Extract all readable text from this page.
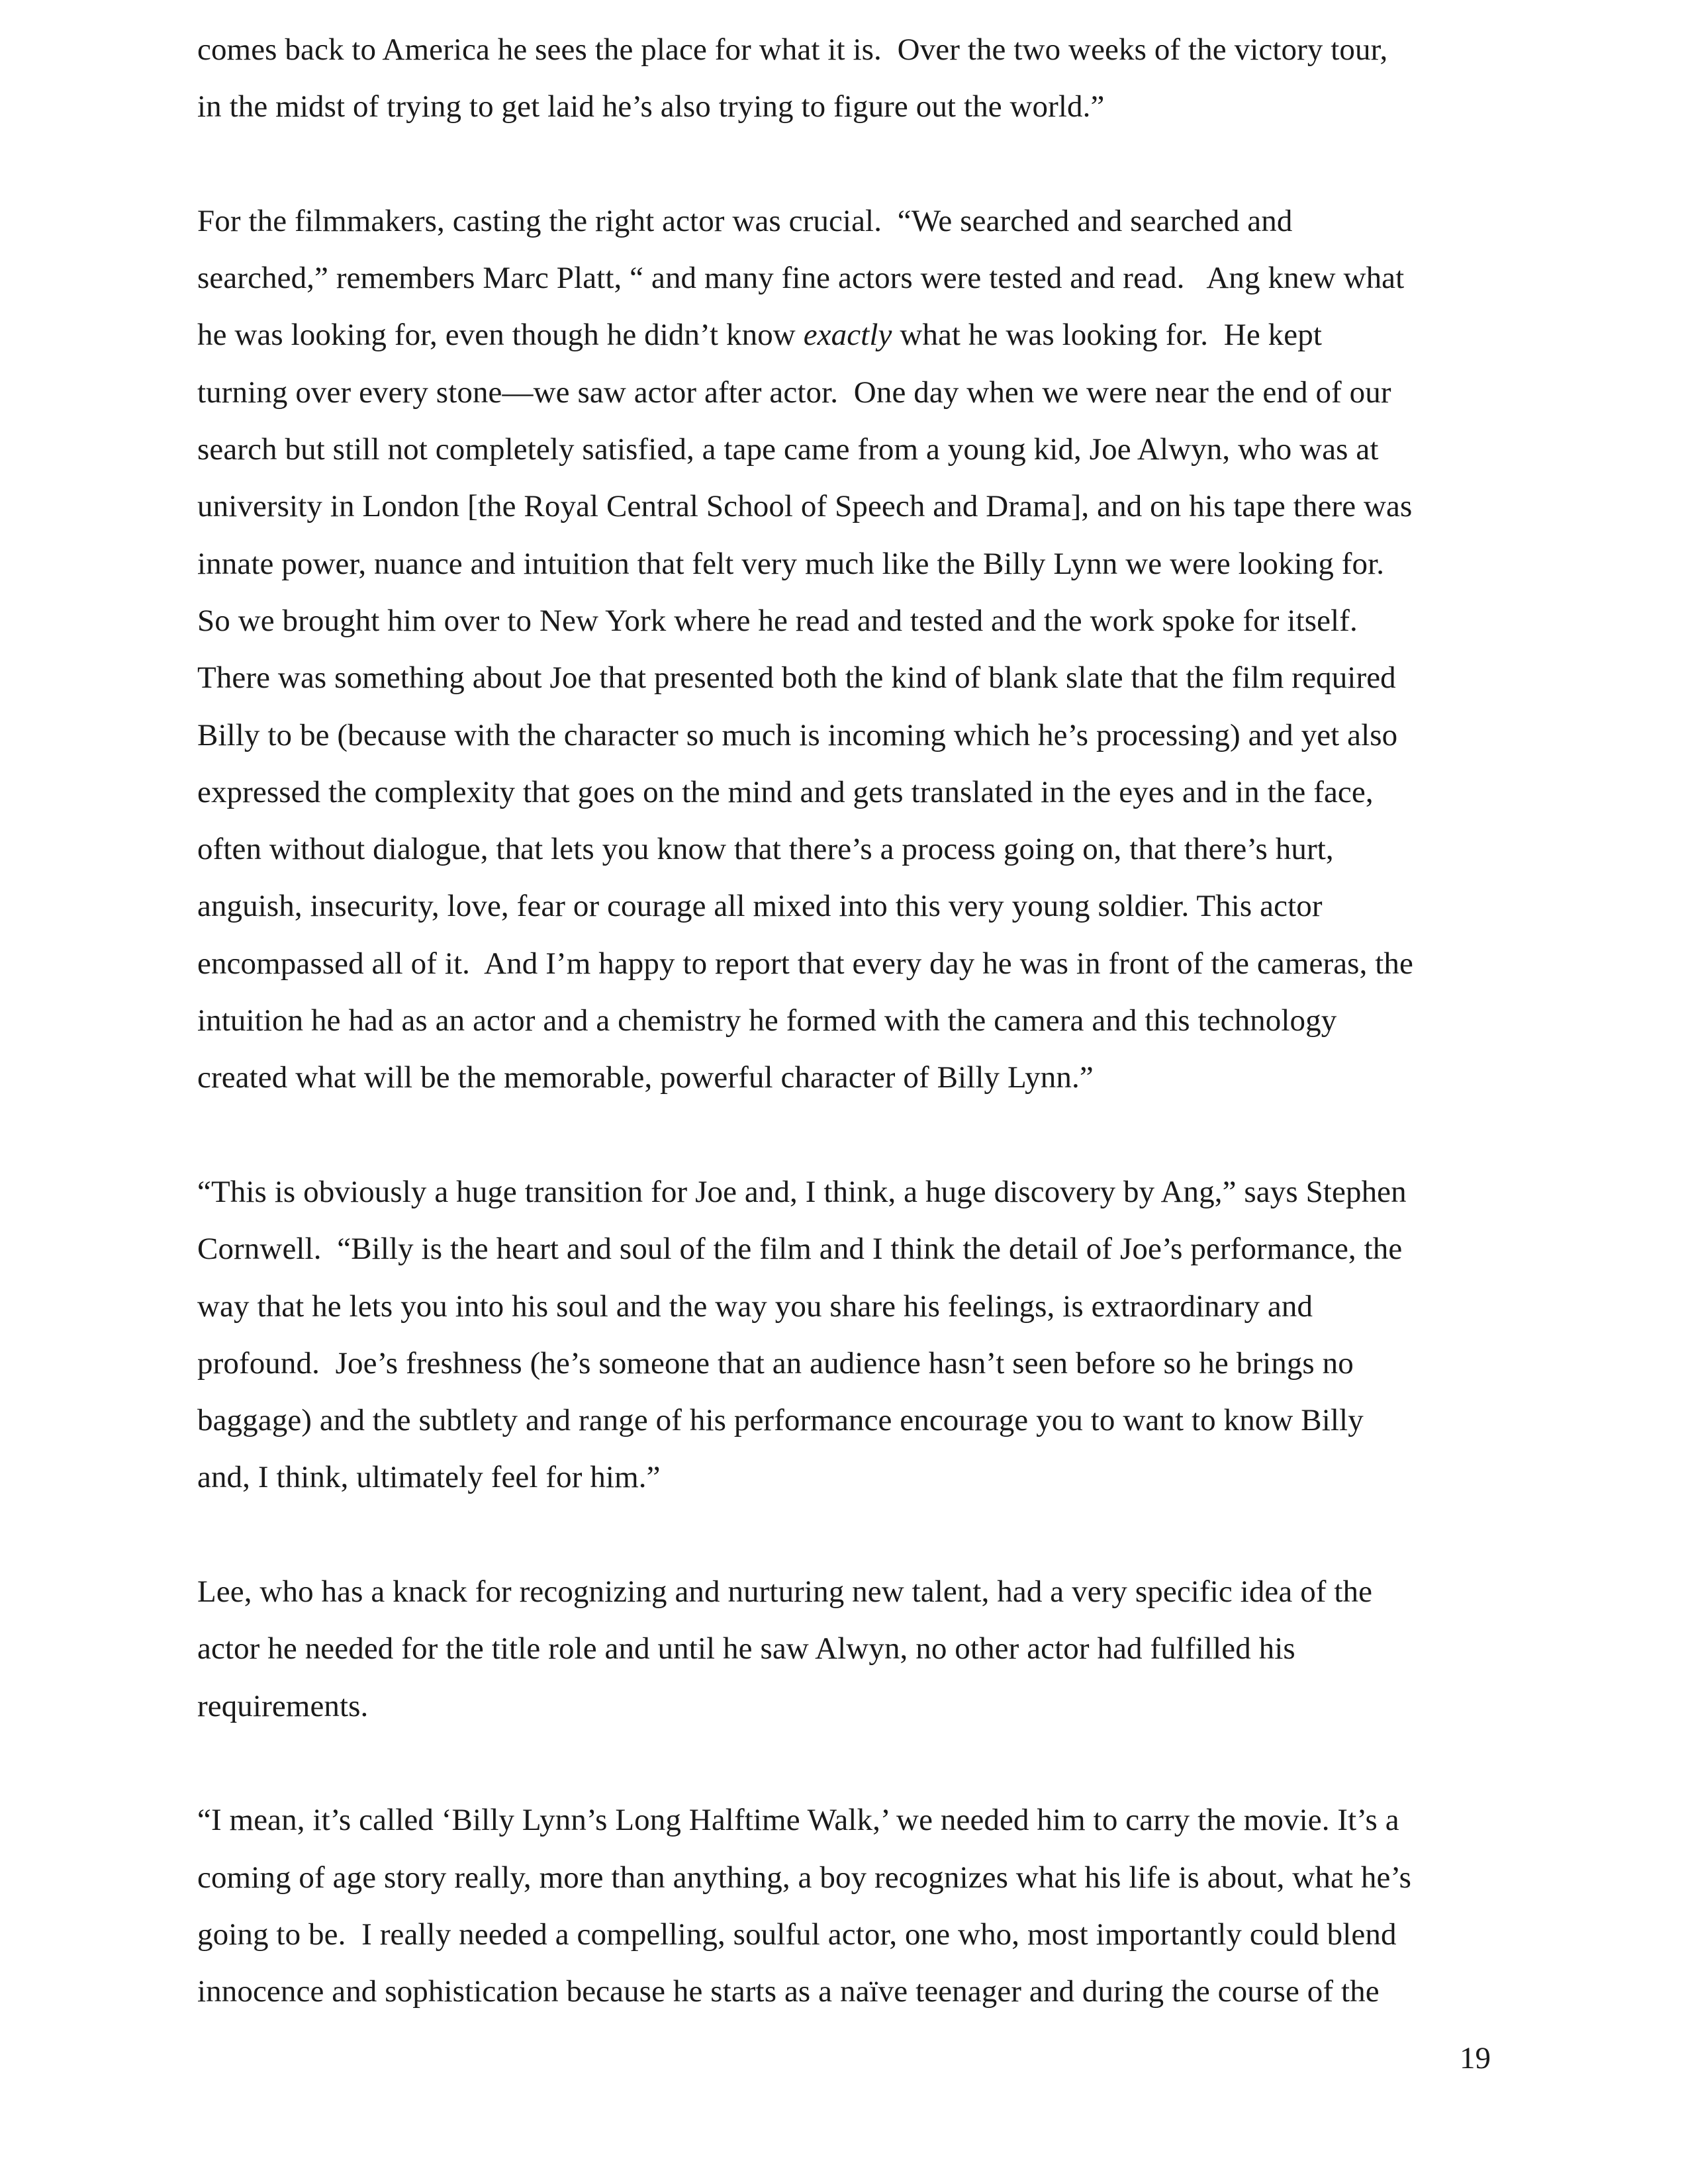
comes back to America he sees the place for what it is.  Over the two weeks of the victory tour,
in the midst of trying to get laid he’s also trying to figure out the world.”
For the filmmakers, casting the right actor was crucial.  “We searched and searched and
searched,” remembers Marc Platt, “ and many fine actors were tested and read.   Ang knew what
he was looking for, even though he didn’t know exactly what he was looking for.  He kept
turning over every stone—we saw actor after actor.  One day when we were near the end of our
search but still not completely satisfied, a tape came from a young kid, Joe Alwyn, who was at
university in London [the Royal Central School of Speech and Drama], and on his tape there was
innate power, nuance and intuition that felt very much like the Billy Lynn we were looking for.
So we brought him over to New York where he read and tested and the work spoke for itself.
There was something about Joe that presented both the kind of blank slate that the film required
Billy to be (because with the character so much is incoming which he’s processing) and yet also
expressed the complexity that goes on the mind and gets translated in the eyes and in the face,
often without dialogue, that lets you know that there’s a process going on, that there’s hurt,
anguish, insecurity, love, fear or courage all mixed into this very young soldier. This actor
encompassed all of it.  And I’m happy to report that every day he was in front of the cameras, the
intuition he had as an actor and a chemistry he formed with the camera and this technology
created what will be the memorable, powerful character of Billy Lynn.”
“This is obviously a huge transition for Joe and, I think, a huge discovery by Ang,” says Stephen
Cornwell.  “Billy is the heart and soul of the film and I think the detail of Joe’s performance, the
way that he lets you into his soul and the way you share his feelings, is extraordinary and
profound.  Joe’s freshness (he’s someone that an audience hasn’t seen before so he brings no
baggage) and the subtlety and range of his performance encourage you to want to know Billy
and, I think, ultimately feel for him.”
Lee, who has a knack for recognizing and nurturing new talent, had a very specific idea of the
actor he needed for the title role and until he saw Alwyn, no other actor had fulfilled his
requirements.
“I mean, it’s called ‘Billy Lynn’s Long Halftime Walk,’ we needed him to carry the movie. It’s a
coming of age story really, more than anything, a boy recognizes what his life is about, what he’s
going to be.  I really needed a compelling, soulful actor, one who, most importantly could blend
innocence and sophistication because he starts as a naïve teenager and during the course of the
19
